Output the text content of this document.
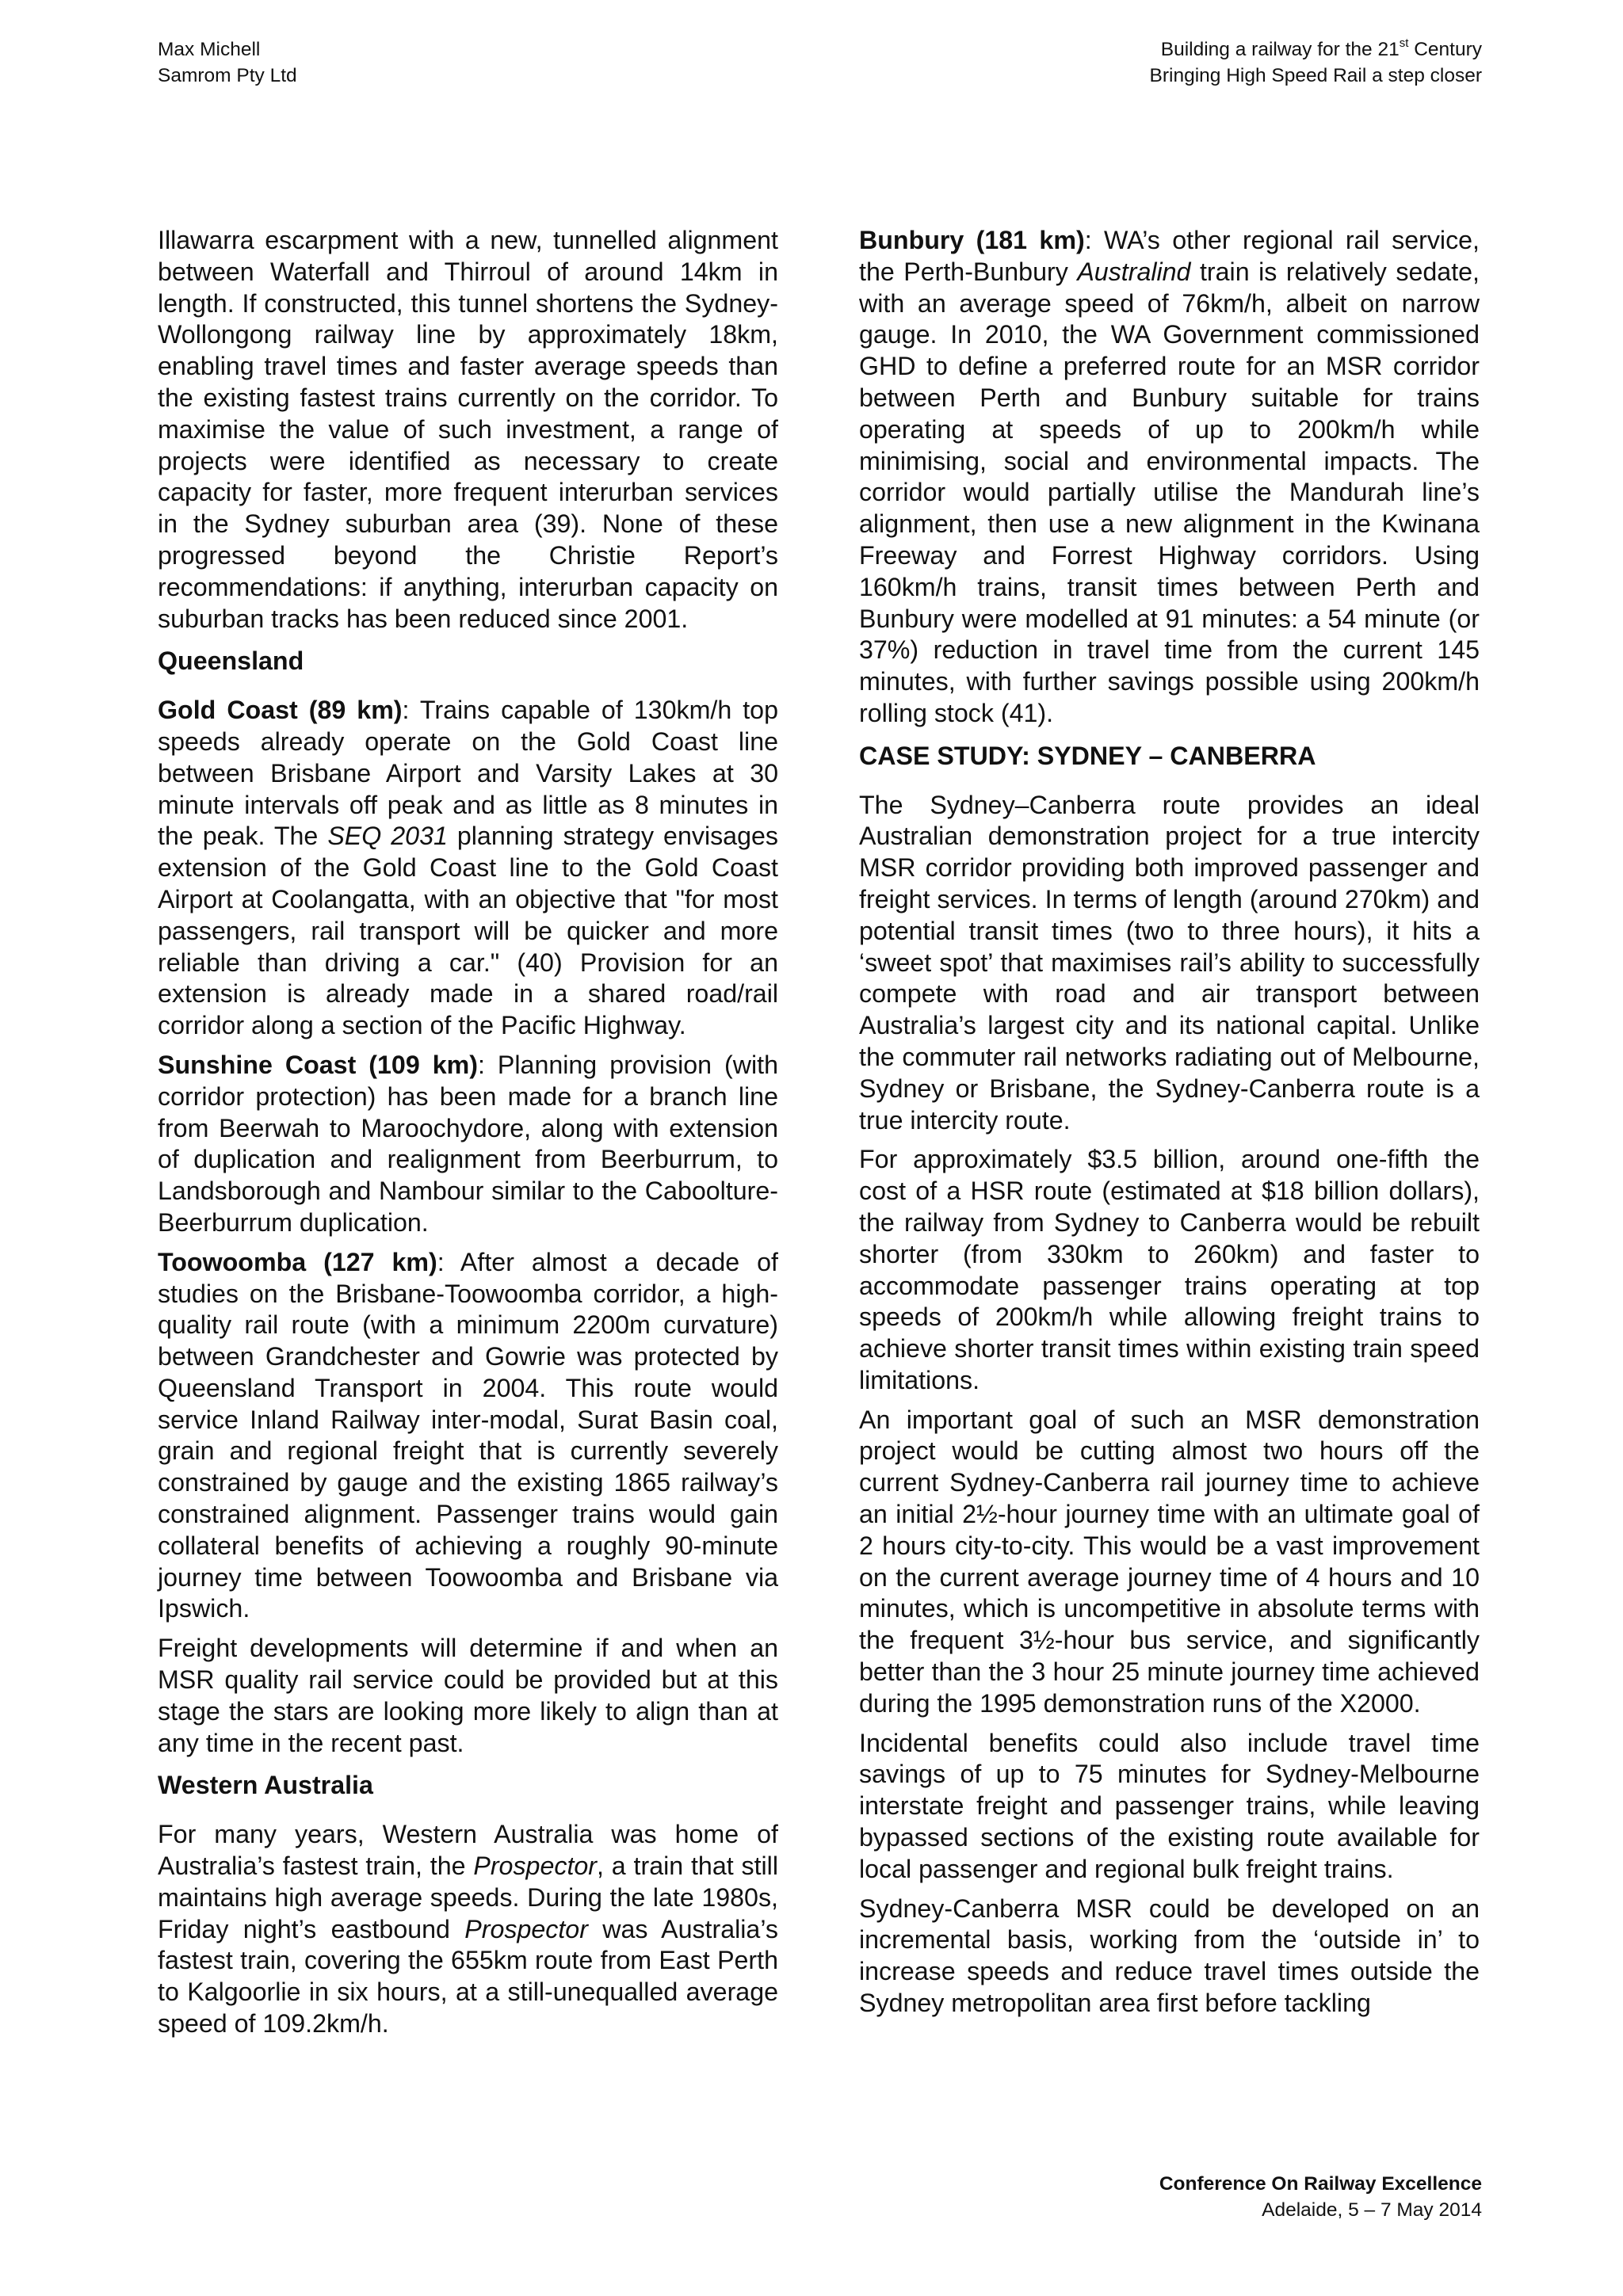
Max Michell
Samrom Pty Ltd
Building a railway for the 21st Century
Bringing High Speed Rail a step closer

Illawarra escarpment with a new, tunnelled alignment between Waterfall and Thirroul of around 14km in length. If constructed, this tunnel shortens the Sydney-Wollongong railway line by approximately 18km, enabling travel times and faster average speeds than the existing fastest trains currently on the corridor. To maximise the value of such investment, a range of projects were identified as necessary to create capacity for faster, more frequent interurban services in the Sydney suburban area (39). None of these progressed beyond the Christie Report’s recommendations: if anything, interurban capacity on suburban tracks has been reduced since 2001.

Queensland

Gold Coast (89 km): Trains capable of 130km/h top speeds already operate on the Gold Coast line between Brisbane Airport and Varsity Lakes at 30 minute intervals off peak and as little as 8 minutes in the peak. The SEQ 2031 planning strategy envisages extension of the Gold Coast line to the Gold Coast Airport at Coolangatta, with an objective that "for most passengers, rail transport will be quicker and more reliable than driving a car." (40) Provision for an extension is already made in a shared road/rail corridor along a section of the Pacific Highway.

Sunshine Coast (109 km): Planning provision (with corridor protection) has been made for a branch line from Beerwah to Maroochydore, along with extension of duplication and realignment from Beerburrum, to Landsborough and Nambour similar to the Caboolture-Beerburrum duplication.

Toowoomba (127 km): After almost a decade of studies on the Brisbane-Toowoomba corridor, a high-quality rail route (with a minimum 2200m curvature) between Grandchester and Gowrie was protected by Queensland Transport in 2004. This route would service Inland Railway inter-modal, Surat Basin coal, grain and regional freight that is currently severely constrained by gauge and the existing 1865 railway’s constrained alignment. Passenger trains would gain collateral benefits of achieving a roughly 90-minute journey time between Toowoomba and Brisbane via Ipswich.

Freight developments will determine if and when an MSR quality rail service could be provided but at this stage the stars are looking more likely to align than at any time in the recent past.

Western Australia

For many years, Western Australia was home of Australia’s fastest train, the Prospector, a train that still maintains high average speeds. During the late 1980s, Friday night’s eastbound Prospector was Australia’s fastest train, covering the 655km route from East Perth to Kalgoorlie in six hours, at a still-unequalled average speed of 109.2km/h.

Bunbury (181 km): WA’s other regional rail service, the Perth-Bunbury Australind train is relatively sedate, with an average speed of 76km/h, albeit on narrow gauge. In 2010, the WA Government commissioned GHD to define a preferred route for an MSR corridor between Perth and Bunbury suitable for trains operating at speeds of up to 200km/h while minimising, social and environmental impacts. The corridor would partially utilise the Mandurah line’s alignment, then use a new alignment in the Kwinana Freeway and Forrest Highway corridors. Using 160km/h trains, transit times between Perth and Bunbury were modelled at 91 minutes: a 54 minute (or 37%) reduction in travel time from the current 145 minutes, with further savings possible using 200km/h rolling stock (41).

CASE STUDY: SYDNEY – CANBERRA

The Sydney–Canberra route provides an ideal Australian demonstration project for a true intercity MSR corridor providing both improved passenger and freight services. In terms of length (around 270km) and potential transit times (two to three hours), it hits a ‘sweet spot’ that maximises rail’s ability to successfully compete with road and air transport between Australia’s largest city and its national capital. Unlike the commuter rail networks radiating out of Melbourne, Sydney or Brisbane, the Sydney-Canberra route is a true intercity route.

For approximately $3.5 billion, around one-fifth the cost of a HSR route (estimated at $18 billion dollars), the railway from Sydney to Canberra would be rebuilt shorter (from 330km to 260km) and faster to accommodate passenger trains operating at top speeds of 200km/h while allowing freight trains to achieve shorter transit times within existing train speed limitations.

An important goal of such an MSR demonstration project would be cutting almost two hours off the current Sydney-Canberra rail journey time to achieve an initial 2½-hour journey time with an ultimate goal of 2 hours city-to-city. This would be a vast improvement on the current average journey time of 4 hours and 10 minutes, which is uncompetitive in absolute terms with the frequent 3½-hour bus service, and significantly better than the 3 hour 25 minute journey time achieved during the 1995 demonstration runs of the X2000.

Incidental benefits could also include travel time savings of up to 75 minutes for Sydney-Melbourne interstate freight and passenger trains, while leaving bypassed sections of the existing route available for local passenger and regional bulk freight trains.

Sydney-Canberra MSR could be developed on an incremental basis, working from the ‘outside in’ to increase speeds and reduce travel times outside the Sydney metropolitan area first before tackling

Conference On Railway Excellence
Adelaide, 5 – 7 May 2014
